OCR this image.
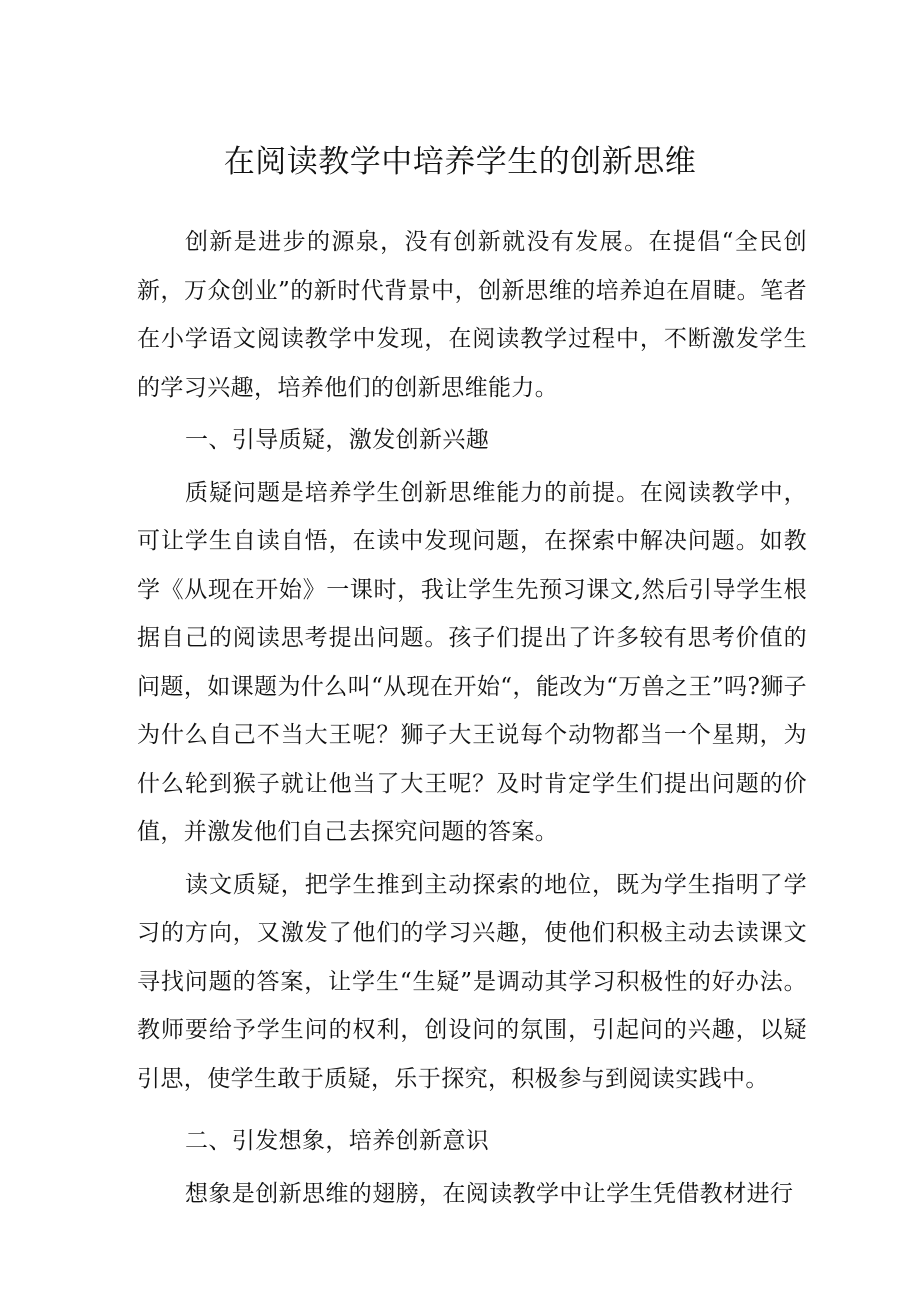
在阅读教学中培养学生的创新思维

创新是进步的源泉，没有创新就没有发展。在提倡“全民创新，万众创业”的新时代背景中，创新思维的培养迫在眉睫。笔者在小学语文阅读教学中发现，在阅读教学过程中，不断激发学生的学习兴趣，培养他们的创新思维能力。

一、引导质疑，激发创新兴趣

质疑问题是培养学生创新思维能力的前提。在阅读教学中，可让学生自读自悟，在读中发现问题，在探索中解决问题。如教学《从现在开始》一课时，我让学生先预习课文,然后引导学生根据自己的阅读思考提出问题。孩子们提出了许多较有思考价值的问题，如课题为什么叫“从现在开始“，能改为“万兽之王”吗?狮子为什么自己不当大王呢？狮子大王说每个动物都当一个星期，为什么轮到猴子就让他当了大王呢？及时肯定学生们提出问题的价值，并激发他们自己去探究问题的答案。

读文质疑，把学生推到主动探索的地位，既为学生指明了学习的方向，又激发了他们的学习兴趣，使他们积极主动去读课文寻找问题的答案，让学生“生疑”是调动其学习积极性的好办法。教师要给予学生问的权利，创设问的氛围，引起问的兴趣，以疑引思，使学生敢于质疑，乐于探究，积极参与到阅读实践中。

二、引发想象，培养创新意识

想象是创新思维的翅膀，在阅读教学中让学生凭借教材进行
